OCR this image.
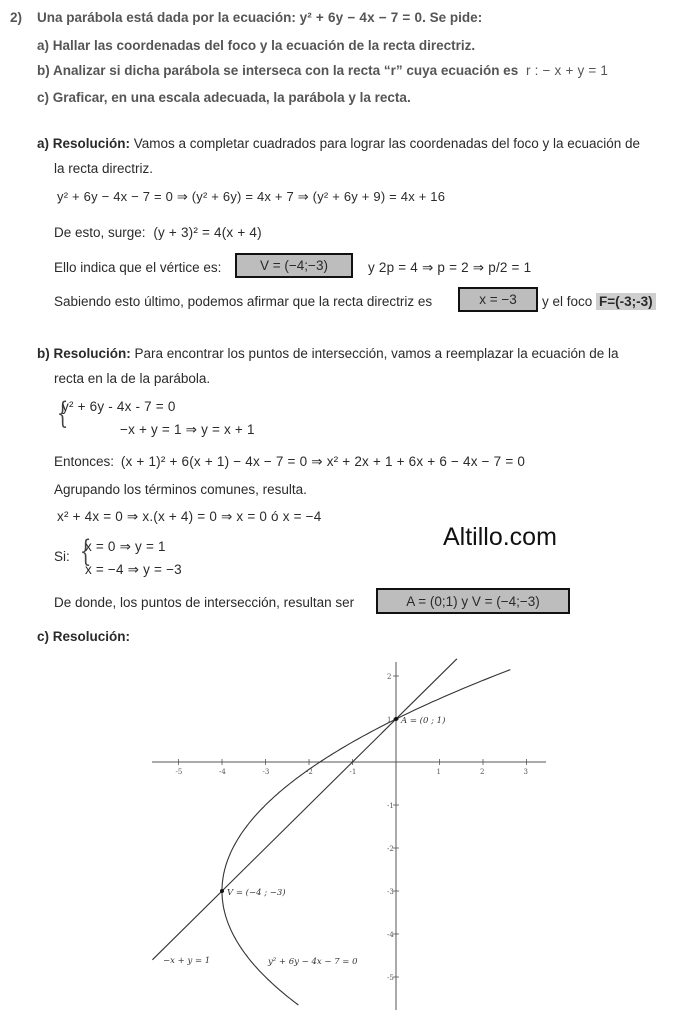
2) Una parábola está dada por la ecuación: y² + 6y − 4x − 7 = 0. Se pide:
a) Hallar las coordenadas del foco y la ecuación de la recta directriz.
b) Analizar si dicha parábola se interseca con la recta “r” cuya ecuación es r : − x + y = 1
c) Graficar, en una escala adecuada, la parábola y la recta.
a) Resolución: Vamos a completar cuadrados para lograr las coordenadas del foco y la ecuación de
la recta directriz.
y² + 6y − 4x − 7 = 0 ⇒ (y² + 6y) = 4x + 7 ⇒ (y² + 6y + 9) = 4x + 16
De esto, surge: (y + 3)² = 4(x + 4)
Ello indica que el vértice es:	V = (−4;−3)	y 2p = 4 ⇒ p = 2 ⇒ p/2 = 1
Sabiendo esto último, podemos afirmar que la recta directriz es	x = −3	y el foco F=(-3;-3)
b) Resolución: Para encontrar los puntos de intersección, vamos a reemplazar la ecuación de la
recta en la de la parábola.
{
y² + 6y - 4x - 7 = 0
−x + y = 1 ⇒ y = x + 1
Entonces: (x + 1)² + 6(x + 1) − 4x − 7 = 0 ⇒ x² + 2x + 1 + 6x + 6 − 4x − 7 = 0
Agrupando los términos comunes, resulta.
x² + 4x = 0 ⇒ x.(x + 4) = 0 ⇒ x = 0 ó x = −4
Si: {
x = 0 ⇒ y = 1
x = −4 ⇒ y = −3
Altillo.com
De donde, los puntos de intersección, resultan ser	A = (0;1) y V = (−4;−3)
c) Resolución:
-5	-4	-3	-2	-1	1	2	3
2
1
-1
-2
-3
-4
-5
A = (0 ; 1)
V = (−4 ; −3)
−x + y = 1	y² + 6y − 4x − 7 = 0
